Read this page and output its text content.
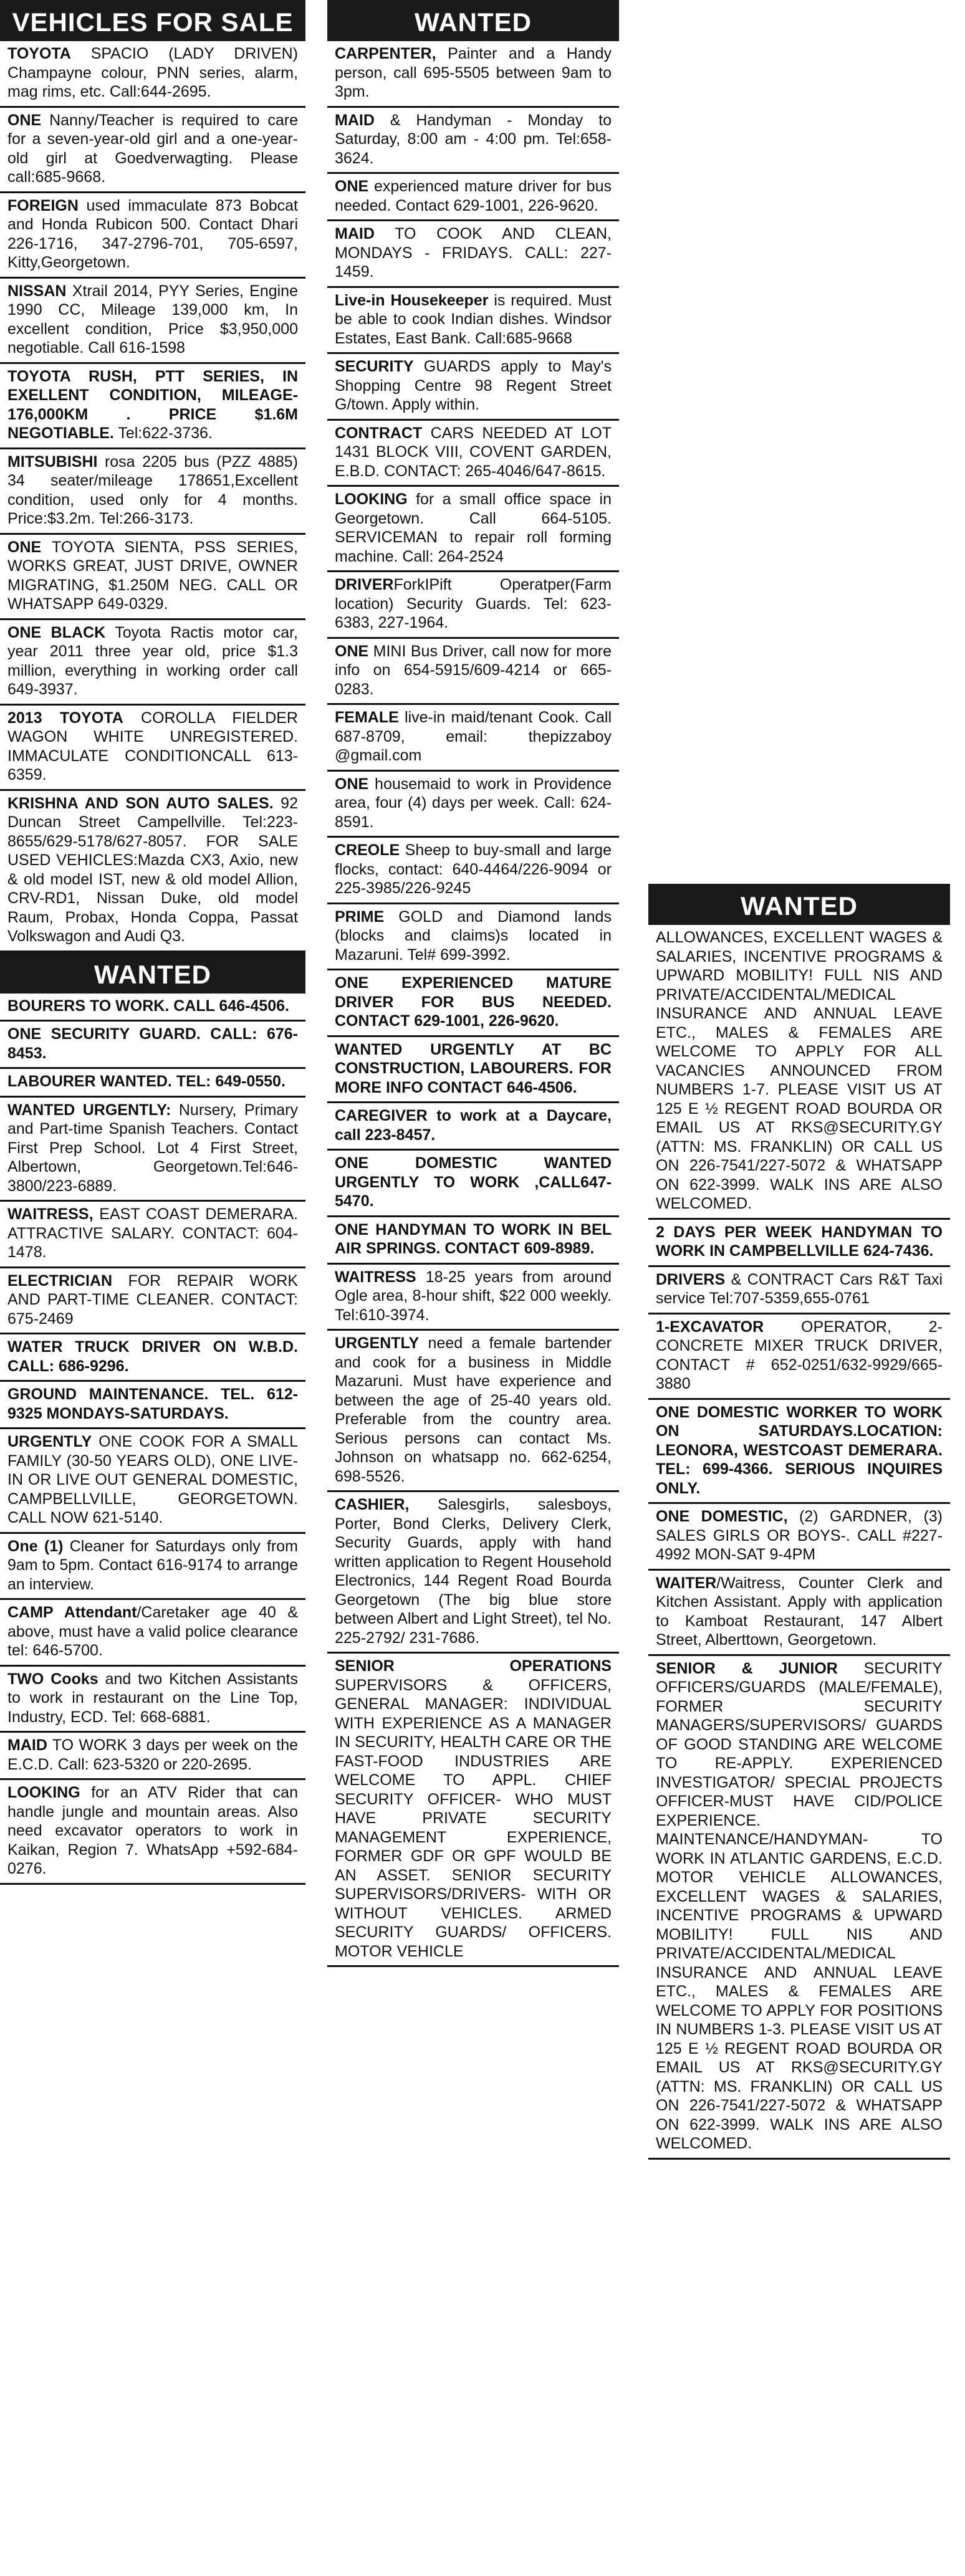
VEHICLES FOR SALE
TOYOTA SPACIO (LADY DRIVEN) Champayne colour, PNN series, alarm, mag rims, etc. Call:644-2695.
ONE Nanny/Teacher is required to care for a seven-year-old girl and a one-year-old girl at Goedverwagting. Please call:685-9668.
FOREIGN used immaculate 873 Bobcat and Honda Rubicon 500. Contact Dhari 226-1716, 347-2796-701, 705-6597, Kitty,Georgetown.
NISSAN Xtrail 2014, PYY Series, Engine 1990 CC, Mileage 139,000 km, In excellent condition, Price $3,950,000 negotiable. Call 616-1598
TOYOTA RUSH, PTT SERIES, IN EXELLENT CONDITION, MILEAGE-176,000KM . PRICE $1.6M NEGOTIABLE. Tel:622-3736.
MITSUBISHI rosa 2205 bus (PZZ 4885) 34 seater/mileage 178651,Excellent condition, used only for 4 months. Price:$3.2m. Tel:266-3173.
ONE TOYOTA SIENTA, PSS SERIES, WORKS GREAT, JUST DRIVE, OWNER MIGRATING, $1.250M NEG. CALL OR WHATSAPP 649-0329.
ONE BLACK Toyota Ractis motor car, year 2011 three year old, price $1.3 million, everything in working order call 649-3937.
2013 TOYOTA COROLLA FIELDER WAGON WHITE UNREGISTERED. IMMACULATE CONDITIONCALL 613-6359.
KRISHNA AND SON AUTO SALES. 92 Duncan Street Campellville. Tel:223-8655/629-5178/627-8057. FOR SALE USED VEHICLES:Mazda CX3, Axio, new & old model IST, new & old model Allion, CRV-RD1, Nissan Duke, old model Raum, Probax, Honda Coppa, Passat Volkswagon and Audi Q3.
WANTED
BOURERS TO WORK. CALL 646-4506.
ONE SECURITY GUARD. CALL: 676-8453.
LABOURER WANTED. TEL: 649-0550.
WANTED URGENTLY: Nursery, Primary and Part-time Spanish Teachers. Contact First Prep School. Lot 4 First Street, Albertown, Georgetown.Tel:646-3800/223-6889.
WAITRESS, EAST COAST DEMERARA. ATTRACTIVE SALARY. CONTACT: 604-1478.
ELECTRICIAN FOR REPAIR WORK AND PART-TIME CLEANER. CONTACT: 675-2469
WATER TRUCK DRIVER ON W.B.D. CALL: 686-9296.
GROUND MAINTENANCE. TEL. 612-9325 MONDAYS-SATURDAYS.
URGENTLY ONE COOK FOR A SMALL FAMILY (30-50 YEARS OLD), ONE LIVE-IN OR LIVE OUT GENERAL DOMESTIC, CAMPBELLVILLE, GEORGETOWN. CALL NOW 621-5140.
One (1) Cleaner for Saturdays only from 9am to 5pm. Contact 616-9174 to arrange an interview.
CAMP Attendant/Caretaker age 40 & above, must have a valid police clearance tel: 646-5700.
TWO Cooks and two Kitchen Assistants to work in restaurant on the Line Top, Industry, ECD. Tel: 668-6881.
MAID TO WORK 3 days per week on the E.C.D. Call: 623-5320 or 220-2695.
LOOKING for an ATV Rider that can handle jungle and mountain areas. Also need excavator operators to work in Kaikan, Region 7. WhatsApp +592-684-0276.
WANTED
CARPENTER, Painter and a Handy person, call 695-5505 between 9am to 3pm.
MAID & Handyman - Monday to Saturday, 8:00 am - 4:00 pm. Tel:658-3624.
ONE experienced mature driver for bus needed. Contact 629-1001, 226-9620.
MAID TO COOK AND CLEAN, MONDAYS - FRIDAYS. CALL: 227-1459.
Live-in Housekeeper is required. Must be able to cook Indian dishes. Windsor Estates, East Bank. Call:685-9668
SECURITY GUARDS apply to May's Shopping Centre 98 Regent Street G/town. Apply within.
CONTRACT CARS NEEDED AT LOT 1431 BLOCK VIII, COVENT GARDEN, E.B.D. CONTACT: 265-4046/647-8615.
LOOKING for a small office space in Georgetown. Call 664-5105. SERVICEMAN to repair roll forming machine. Call: 264-2524
DRIVERForkIPift Operatper(Farm location) Security Guards. Tel: 623-6383, 227-1964.
ONE MINI Bus Driver, call now for more info on 654-5915/609-4214 or 665-0283.
FEMALE live-in maid/tenant Cook. Call 687-8709, email: thepizzaboy @gmail.com
ONE housemaid to work in Providence area, four (4) days per week. Call: 624-8591.
CREOLE Sheep to buy-small and large flocks, contact: 640-4464/226-9094 or 225-3985/226-9245
PRIME GOLD and Diamond lands (blocks and claims)s located in Mazaruni. Tel# 699-3992.
ONE EXPERIENCED MATURE DRIVER FOR BUS NEEDED. CONTACT 629-1001, 226-9620.
WANTED URGENTLY AT BC CONSTRUCTION, LABOURERS. FOR MORE INFO CONTACT 646-4506.
CAREGIVER to work at a Daycare, call 223-8457.
ONE DOMESTIC WANTED URGENTLY TO WORK ,CALL647-5470.
ONE HANDYMAN TO WORK IN BEL AIR SPRINGS. CONTACT 609-8989.
WAITRESS 18-25 years from around Ogle area, 8-hour shift, $22 000 weekly. Tel:610-3974.
URGENTLY need a female bartender and cook for a business in Middle Mazaruni. Must have experience and between the age of 25-40 years old. Preferable from the country area. Serious persons can contact Ms. Johnson on whatsapp no. 662-6254, 698-5526.
CASHIER, Salesgirls, salesboys, Porter, Bond Clerks, Delivery Clerk, Security Guards, apply with hand written application to Regent Household Electronics, 144 Regent Road Bourda Georgetown (The big blue store between Albert and Light Street), tel No. 225-2792/ 231-7686.
SENIOR OPERATIONS SUPERVISORS & OFFICERS, GENERAL MANAGER: INDIVIDUAL WITH EXPERIENCE AS A MANAGER IN SECURITY, HEALTH CARE OR THE FAST-FOOD INDUSTRIES ARE WELCOME TO APPL. CHIEF SECURITY OFFICER- WHO MUST HAVE PRIVATE SECURITY MANAGEMENT EXPERIENCE, FORMER GDF OR GPF WOULD BE AN ASSET. SENIOR SECURITY SUPERVISORS/DRIVERS- WITH OR WITHOUT VEHICLES. ARMED SECURITY GUARDS/ OFFICERS. MOTOR VEHICLE
WANTED
ALLOWANCES, EXCELLENT WAGES & SALARIES, INCENTIVE PROGRAMS & UPWARD MOBILITY! FULL NIS AND PRIVATE/ACCIDENTAL/MEDICAL INSURANCE AND ANNUAL LEAVE ETC., MALES & FEMALES ARE WELCOME TO APPLY FOR ALL VACANCIES ANNOUNCED FROM NUMBERS 1-7. PLEASE VISIT US AT 125 E ½ REGENT ROAD BOURDA OR EMAIL US AT RKS@SECURITY.GY (ATTN: MS. FRANKLIN) OR CALL US ON 226-7541/227-5072 & WHATSAPP ON 622-3999. WALK INS ARE ALSO WELCOMED.
2 DAYS PER WEEK HANDYMAN TO WORK IN CAMPBELLVILLE 624-7436.
DRIVERS & CONTRACT Cars R&T Taxi service Tel:707-5359,655-0761
1-EXCAVATOR OPERATOR, 2- CONCRETE MIXER TRUCK DRIVER, CONTACT # 652-0251/632-9929/665-3880
ONE DOMESTIC WORKER TO WORK ON SATURDAYS.LOCATION: LEONORA, WESTCOAST DEMERARA. TEL: 699-4366. SERIOUS INQUIRES ONLY.
ONE DOMESTIC, (2) GARDNER, (3) SALES GIRLS OR BOYS-. CALL #227-4992 MON-SAT 9-4PM
WAITER/Waitress, Counter Clerk and Kitchen Assistant. Apply with application to Kamboat Restaurant, 147 Albert Street, Alberttown, Georgetown.
SENIOR & JUNIOR SECURITY OFFICERS/GUARDS (MALE/FEMALE), FORMER SECURITY MANAGERS/SUPERVISORS/ GUARDS OF GOOD STANDING ARE WELCOME TO RE-APPLY. EXPERIENCED INVESTIGATOR/ SPECIAL PROJECTS OFFICER-MUST HAVE CID/POLICE EXPERIENCE. MAINTENANCE/HANDYMAN- TO WORK IN ATLANTIC GARDENS, E.C.D. MOTOR VEHICLE ALLOWANCES, EXCELLENT WAGES & SALARIES, INCENTIVE PROGRAMS & UPWARD MOBILITY! FULL NIS AND PRIVATE/ACCIDENTAL/MEDICAL INSURANCE AND ANNUAL LEAVE ETC., MALES & FEMALES ARE WELCOME TO APPLY FOR POSITIONS IN NUMBERS 1-3. PLEASE VISIT US AT 125 E ½ REGENT ROAD BOURDA OR EMAIL US AT RKS@SECURITY.GY (ATTN: MS. FRANKLIN) OR CALL US ON 226-7541/227-5072 & WHATSAPP ON 622-3999. WALK INS ARE ALSO WELCOMED.
